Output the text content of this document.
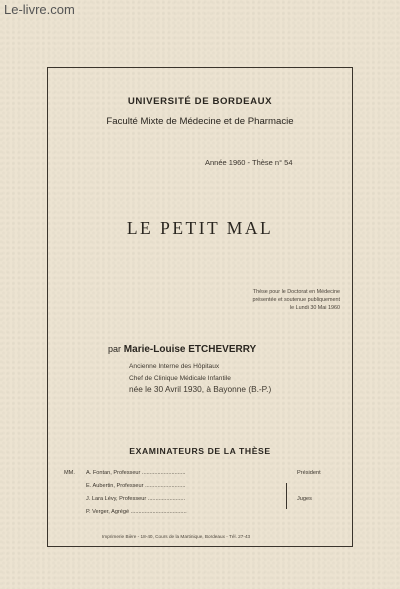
Le-livre.com
UNIVERSITÉ DE BORDEAUX
Faculté Mixte de Médecine et de Pharmacie
Année 1960 - Thèse n° 54
LE PETIT MAL
Thèse pour le Doctorat en Médecine
présentée et soutenue publiquement
le Lundi 30 Mai 1960
par Marie-Louise ETCHEVERRY
Ancienne Interne des Hôpitaux
Chef de Clinique Médicale Infantile
née le 30 Avril 1930, à Bayonne (B.-P.)
EXAMINATEURS DE LA THÈSE
MM. A. Fontan, Professeur ............................
E. Aubertin, Professeur ..........................
J. Lara Lévy, Professeur ........................
P. Verger, Agrégé ....................................
Président
Juges
Imprimerie Bière - 18-40, Cours de la Martinique, Bordeaux - Tél. 27-43
